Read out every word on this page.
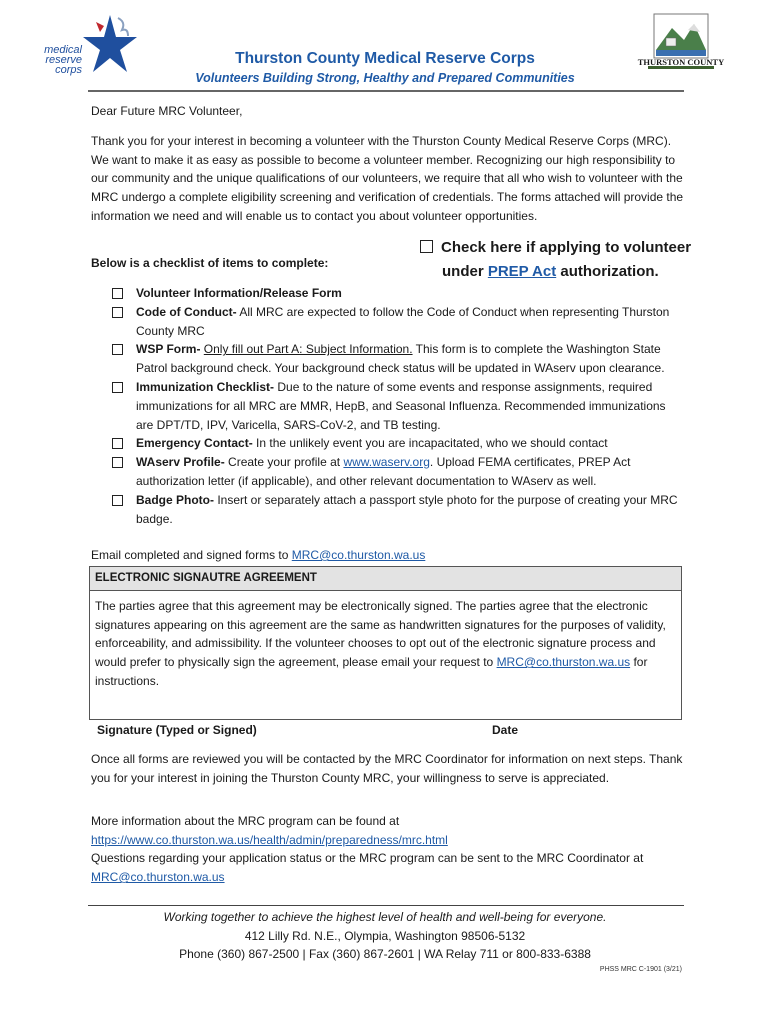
medical
reserve
corps
THURSTON COUNTY
Thurston County Medical Reserve Corps
Volunteers Building Strong, Healthy and Prepared Communities
Dear Future MRC Volunteer,
Thank you for your interest in becoming a volunteer with the Thurston County Medical Reserve Corps (MRC). We want to make it as easy as possible to become a volunteer member. Recognizing our high responsibility to our community and the unique qualifications of our volunteers, we require that all who wish to volunteer with the MRC undergo a complete eligibility screening and verification of credentials. The forms attached will provide the information we need and will enable us to contact you about volunteer opportunities.
Check here if applying to volunteer
under PREP Act authorization.
Below is a checklist of items to complete:
Volunteer Information/Release Form
Code of Conduct- All MRC are expected to follow the Code of Conduct when representing Thurston County MRC
WSP Form- Only fill out Part A: Subject Information. This form is to complete the Washington State Patrol background check. Your background check status will be updated in WAserv upon clearance.
Immunization Checklist- Due to the nature of some events and response assignments, required immunizations for all MRC are MMR, HepB, and Seasonal Influenza. Recommended immunizations are DPT/TD, IPV, Varicella, SARS-CoV-2, and TB testing.
Emergency Contact- In the unlikely event you are incapacitated, who we should contact
WAserv Profile- Create your profile at www.waserv.org. Upload FEMA certificates, PREP Act authorization letter (if applicable), and other relevant documentation to WAserv as well.
Badge Photo- Insert or separately attach a passport style photo for the purpose of creating your MRC badge.
Email completed and signed forms to MRC@co.thurston.wa.us
ELECTRONIC SIGNAUTRE AGREEMENT
The parties agree that this agreement may be electronically signed. The parties agree that the electronic signatures appearing on this agreement are the same as handwritten signatures for the purposes of validity, enforceability, and admissibility. If the volunteer chooses to opt out of the electronic signature process and would prefer to physically sign the agreement, please email your request to MRC@co.thurston.wa.us for instructions.
Signature (Typed or Signed)	Date
Once all forms are reviewed you will be contacted by the MRC Coordinator for information on next steps. Thank you for your interest in joining the Thurston County MRC, your willingness to serve is appreciated.
More information about the MRC program can be found at
https://www.co.thurston.wa.us/health/admin/preparedness/mrc.html
Questions regarding your application status or the MRC program can be sent to the MRC Coordinator at
MRC@co.thurston.wa.us
Working together to achieve the highest level of health and well-being for everyone.
412 Lilly Rd. N.E., Olympia, Washington 98506-5132
Phone (360) 867-2500 | Fax (360) 867-2601 | WA Relay 711 or 800-833-6388
PHSS MRC C-1901 (3/21)
